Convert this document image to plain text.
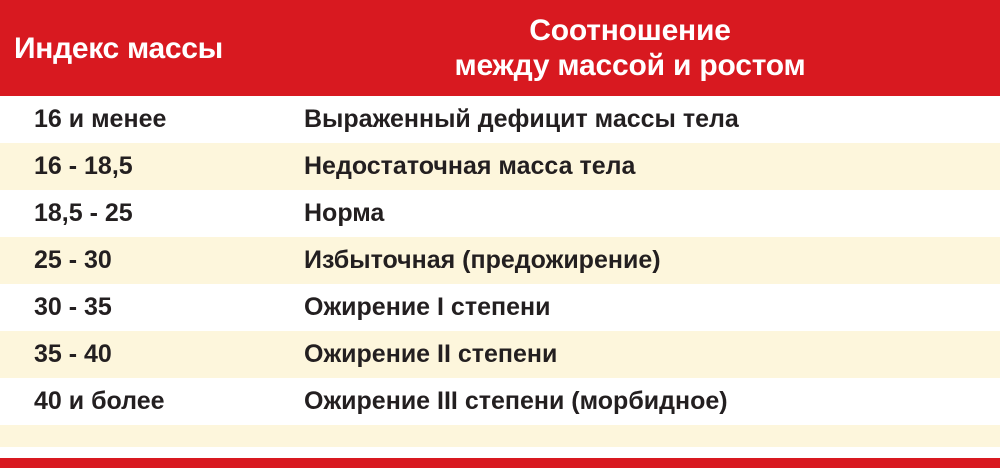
Индекс массы
Соотношение
между массой и ростом
16 и менее	Выраженный дефицит массы тела
16 - 18,5	Недостаточная масса тела
18,5 - 25	Норма
25 - 30	Избыточная (предожирение)
30 - 35	Ожирение I степени
35 - 40	Ожирение II степени
40 и более	Ожирение III степени (морбидное)
